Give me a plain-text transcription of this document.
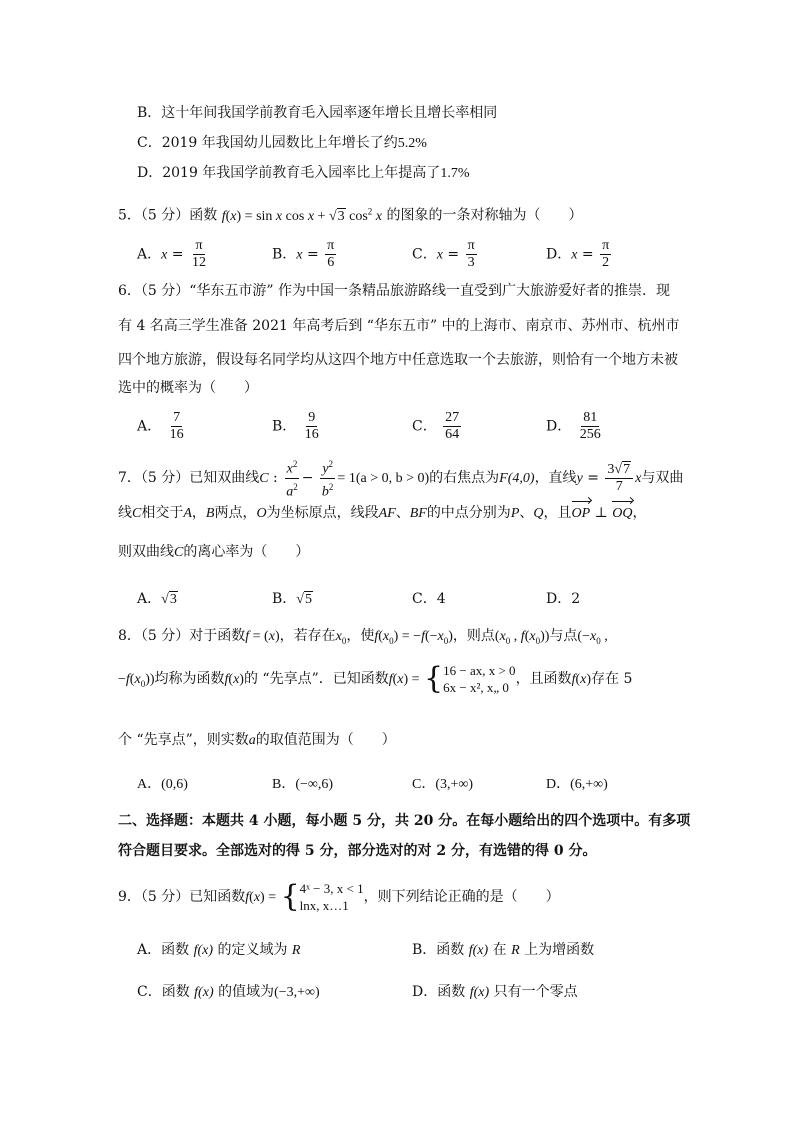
B．这十年间我国学前教育毛入园率逐年增长且增长率相同
C．2019 年我国幼儿园数比上年增长了约5.2%
D．2019 年我国学前教育毛入园率比上年提高了1.7%
5．（5 分）函数 f(x) = sin x cos x + √3 $\cos^2 x$ 的图象的一条对称轴为（　　）
A．$x = \frac{\pi}{12}$	B．$x = \frac{\pi}{6}$	C．$x = \frac{\pi}{3}$	D．$x = \frac{\pi}{2}$
6．（5 分）“华东五市游” 作为中国一条精品旅游路线一直受到广大旅游爱好者的推崇．现
有 4 名高三学生准备 2021 年高考后到 “华东五市” 中的上海市、南京市、苏州市、杭州市
四个地方旅游，假设每名同学均从这四个地方中任意选取一个去旅游，则恰有一个地方未被
选中的概率为（　　）
A． $\frac{7}{16}$	B． $\frac{9}{16}$	C． $\frac{27}{64}$	D． $\frac{81}{256}$
7．（5 分）已知双曲线C : $\frac{x^2}{a^2} - \frac{y^2}{b^2} = 1(a > 0$, b > 0)的右焦点为F(4,0)，直线$y = \frac{3√7}{7}$ x与双曲
线C相交于A，B两点，O为坐标原点，线段AF、BF的中点分别为P、Q，且OP ⊥ OQ，
则双曲线C的离心率为（　　）
A．√3	B．√5	C．4	D．2
8．（5 分）对于函数f = (x)，若存在$x_0$，使$f(x_0) = -f(-x_0)$，则点($x_0$ , $f(x_0)$)与点($-x_0$ ,
$-f(x_0)$)均称为函数f(x)的 “先享点”．已知函数f(x) = { 16 − ax, x > 0
6x − x², x„ 0
，且函数f(x)存在 5
个 “先享点”，则实数a的取值范围为（　　）
A．(0,6)	B．(−∞,6)	C．(3,+∞)	D．(6,+∞)
二、选择题：本题共 4 小题，每小题 5 分，共 20 分。在每小题给出的四个选项中。有多项
符合题目要求。全部选对的得 5 分，部分选对的对 2 分，有选错的得 0 分。
9．（5 分）已知函数f(x) = { 4ˣ − 3, x < 1
lnx, x…1
，则下列结论正确的是（　　）
A．函数 f(x) 的定义域为 R	B．函数 f(x) 在 R 上为增函数
C．函数 f(x) 的值域为(−3,+∞)	D．函数 f(x) 只有一个零点
